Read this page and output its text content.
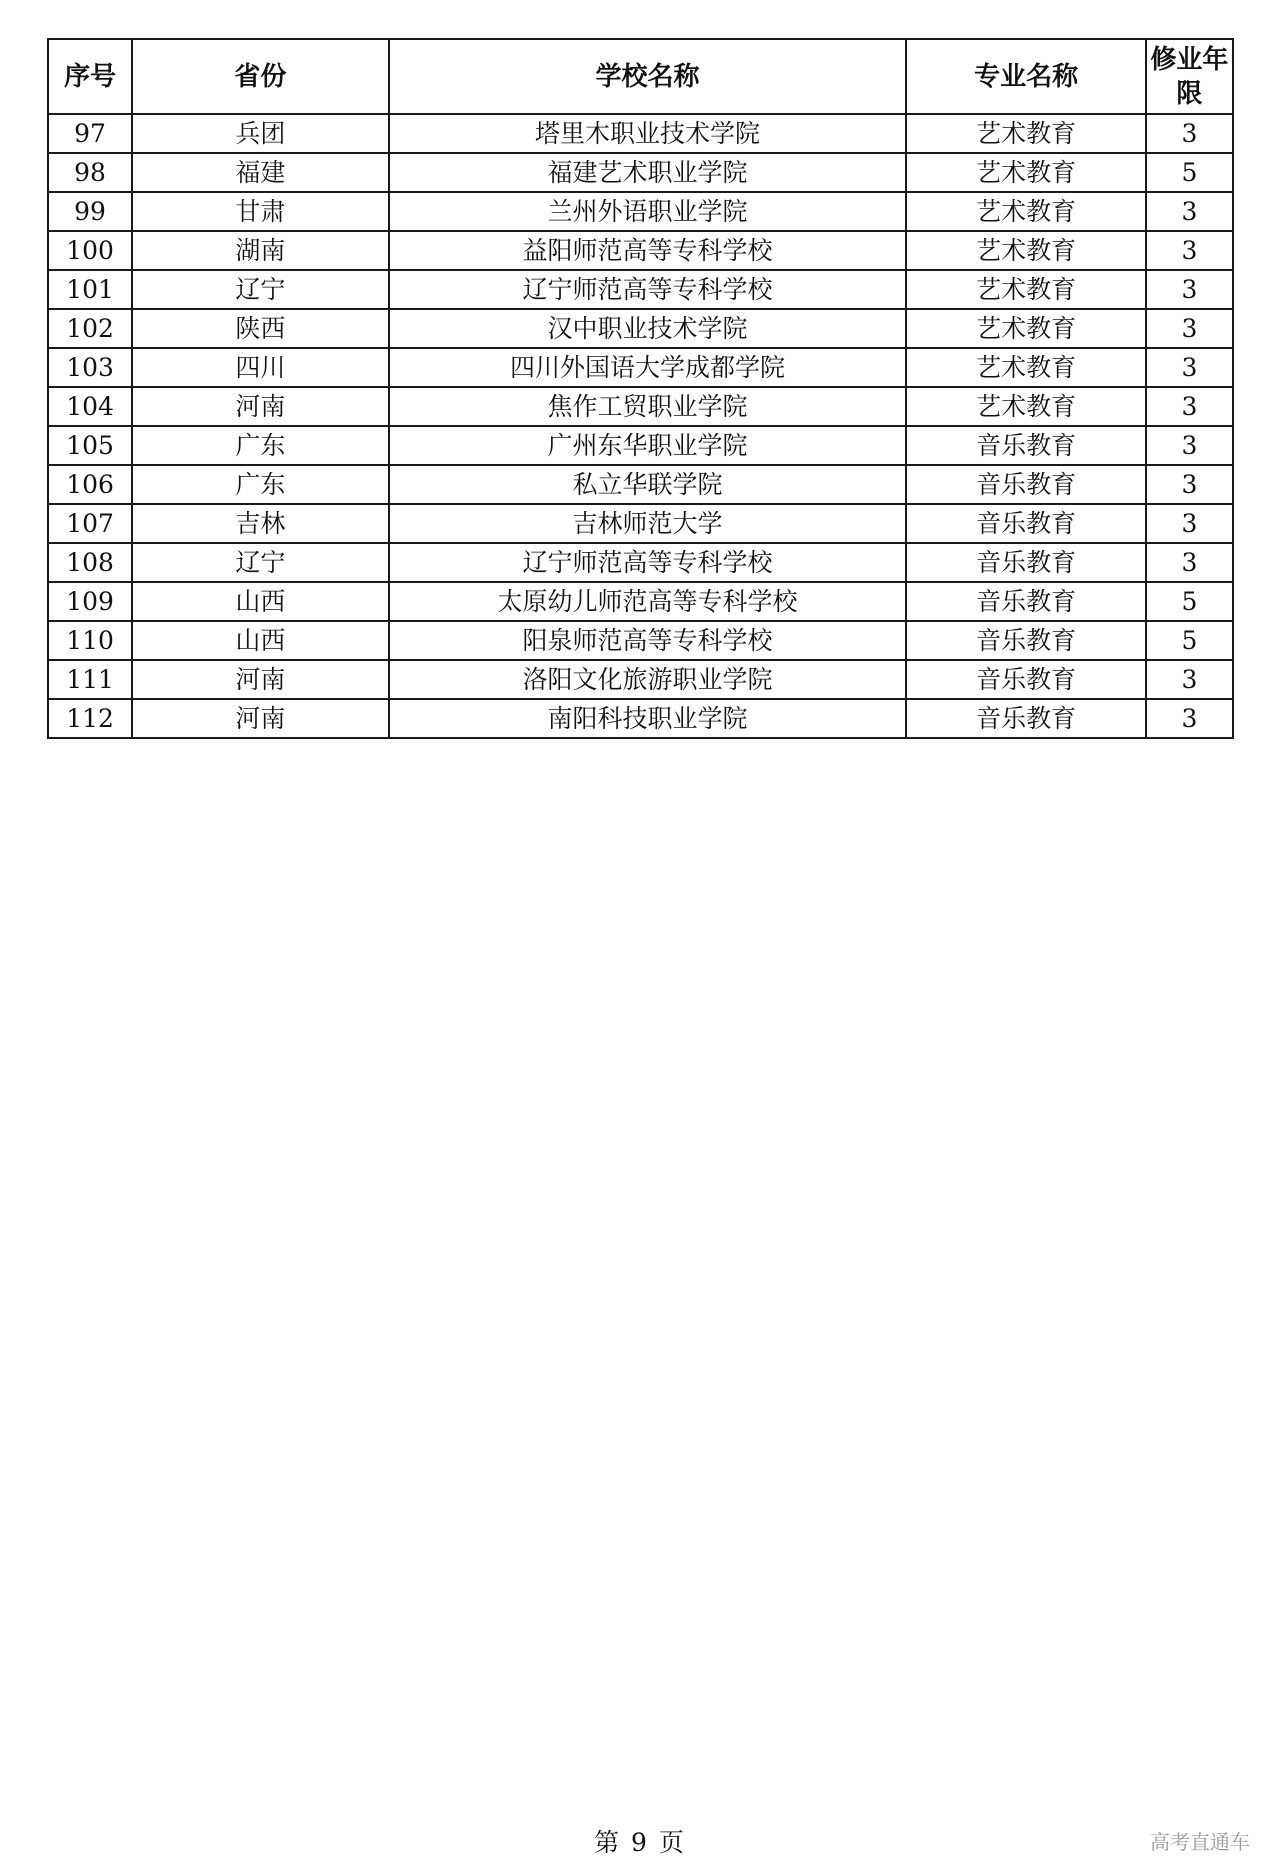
序号	省份	学校名称	专业名称	修业年限
97	兵团	塔里木职业技术学院	艺术教育	3
98	福建	福建艺术职业学院	艺术教育	5
99	甘肃	兰州外语职业学院	艺术教育	3
100	湖南	益阳师范高等专科学校	艺术教育	3
101	辽宁	辽宁师范高等专科学校	艺术教育	3
102	陕西	汉中职业技术学院	艺术教育	3
103	四川	四川外国语大学成都学院	艺术教育	3
104	河南	焦作工贸职业学院	艺术教育	3
105	广东	广州东华职业学院	音乐教育	3
106	广东	私立华联学院	音乐教育	3
107	吉林	吉林师范大学	音乐教育	3
108	辽宁	辽宁师范高等专科学校	音乐教育	3
109	山西	太原幼儿师范高等专科学校	音乐教育	5
110	山西	阳泉师范高等专科学校	音乐教育	5
111	河南	洛阳文化旅游职业学院	音乐教育	3
112	河南	南阳科技职业学院	音乐教育	3
第 9 页	高考直通车
